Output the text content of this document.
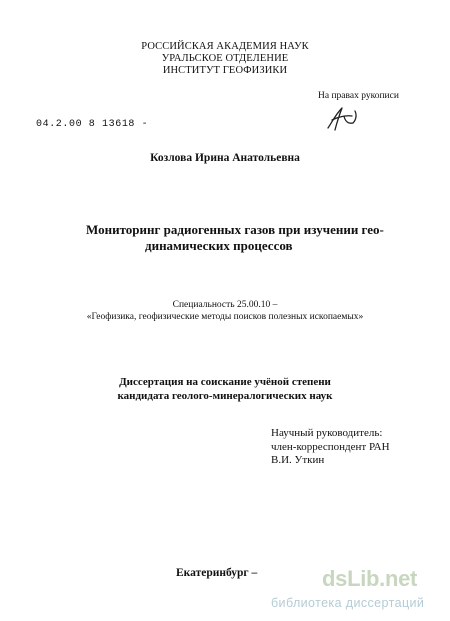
РОССИЙСКАЯ АКАДЕМИЯ НАУК
УРАЛЬСКОЕ ОТДЕЛЕНИЕ
ИНСТИТУТ ГЕОФИЗИКИ
На правах рукописи
04.2.00 8 13618 -
Козлова Ирина Анатольевна
Мониторинг радиогенных газов при изучении гео-
динамических процессов
Специальность 25.00.10 –
«Геофизика, геофизические методы поисков полезных ископаемых»
Диссертация на соискание учёной степени
кандидата геолого-минералогических наук
Научный руководитель:
член-корреспондент РАН
В.И. Уткин
Екатеринбург –	dsLib.net
библиотека диссертаций
